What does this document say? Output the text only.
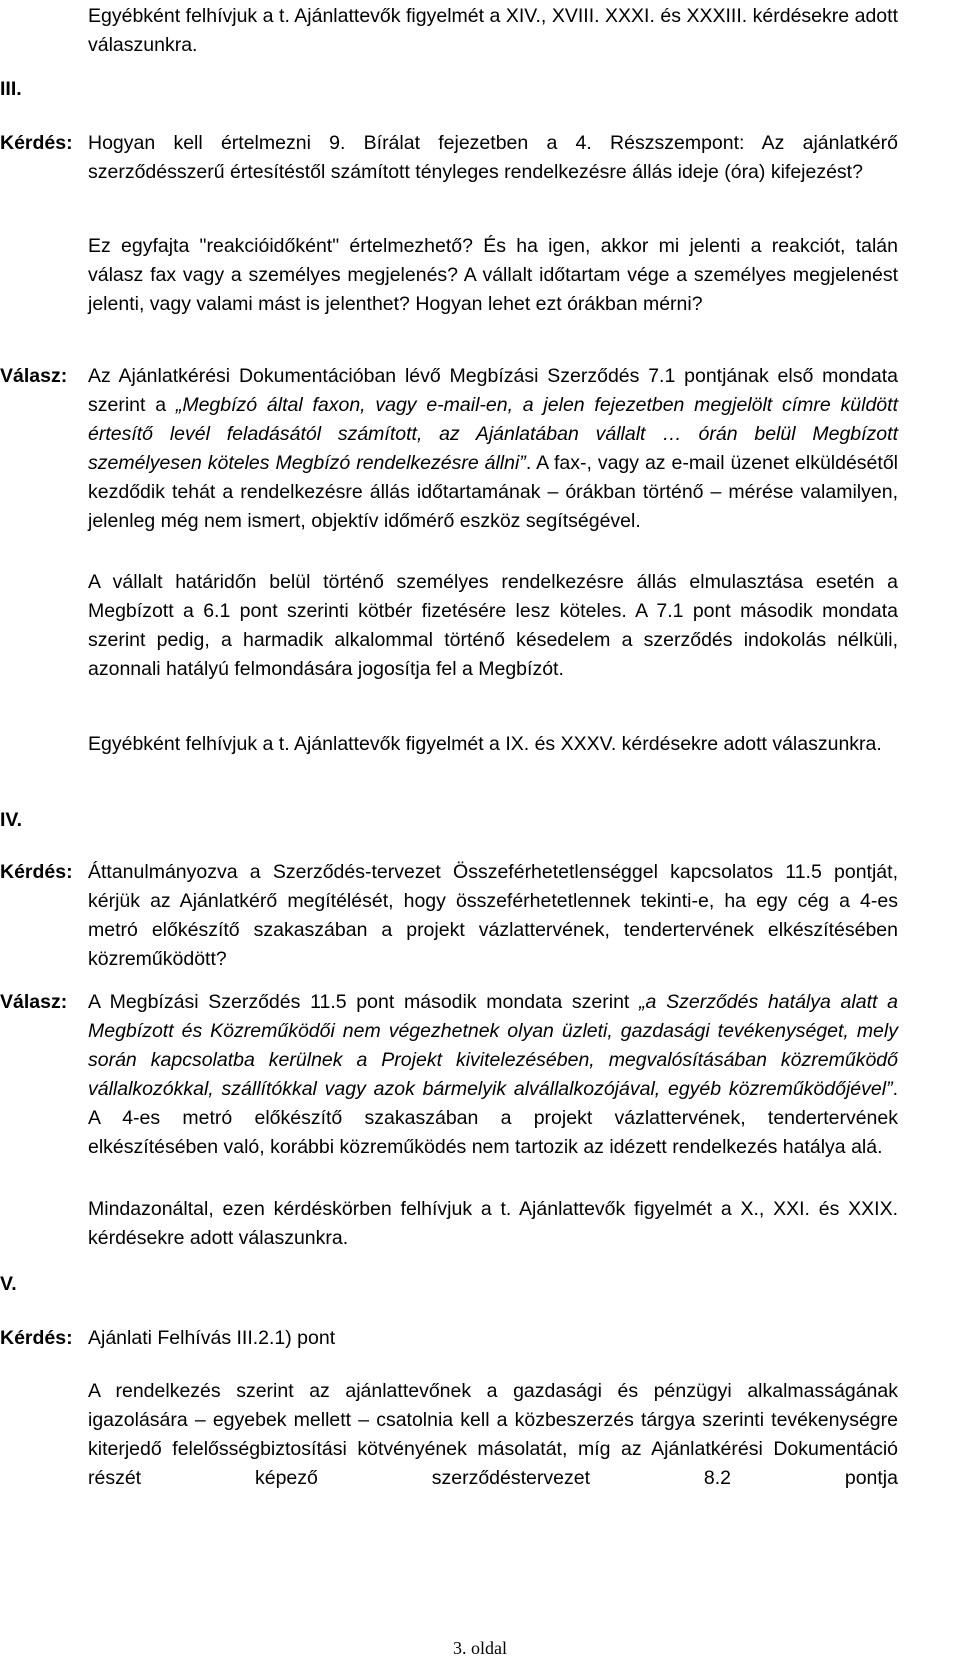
Egyébként felhívjuk a t. Ajánlattevők figyelmét a XIV., XVIII. XXXI. és XXXIII. kérdésekre adott válaszunkra.

III.

Kérdés: Hogyan kell értelmezni 9. Bírálat fejezetben a 4. Részszempont: Az ajánlatkérő szerződésszerű értesítéstől számított tényleges rendelkezésre állás ideje (óra) kifejezést?

Ez egyfajta "reakcióidőként" értelmezhető? És ha igen, akkor mi jelenti a reakciót, talán válasz fax vagy a személyes megjelenés? A vállalt időtartam vége a személyes megjelenést jelenti, vagy valami mást is jelenthet? Hogyan lehet ezt órákban mérni?

Válasz: Az Ajánlatkérési Dokumentációban lévő Megbízási Szerződés 7.1 pontjának első mondata szerint a „Megbízó által faxon, vagy e-mail-en, a jelen fejezetben megjelölt címre küldött értesítő levél feladásától számított, az Ajánlatában vállalt … órán belül Megbízott személyesen köteles Megbízó rendelkezésre állni”. A fax-, vagy az e-mail üzenet elküldésétől kezdődik tehát a rendelkezésre állás időtartamának – órákban történő – mérése valamilyen, jelenleg még nem ismert, objektív időmérő eszköz segítségével.

A vállalt határidőn belül történő személyes rendelkezésre állás elmulasztása esetén a Megbízott a 6.1 pont szerinti kötbér fizetésére lesz köteles. A 7.1 pont második mondata szerint pedig, a harmadik alkalommal történő késedelem a szerződés indokolás nélküli, azonnali hatályú felmondására jogosítja fel a Megbízót.

Egyébként felhívjuk a t. Ajánlattevők figyelmét a IX. és XXXV. kérdésekre adott válaszunkra.

IV.

Kérdés: Áttanulmányozva a Szerződés-tervezet Összeférhetetlenséggel kapcsolatos 11.5 pontját, kérjük az Ajánlatkérő megítélését, hogy összeférhetetlennek tekinti-e, ha egy cég a 4-es metró előkészítő szakaszában a projekt vázlattervének, tendertervének elkészítésében közreműködött?

Válasz: A Megbízási Szerződés 11.5 pont második mondata szerint „a Szerződés hatálya alatt a Megbízott és Közreműködői nem végezhetnek olyan üzleti, gazdasági tevékenységet, mely során kapcsolatba kerülnek a Projekt kivitelezésében, megvalósításában közreműködő vállalkozókkal, szállítókkal vagy azok bármelyik alvállalkozójával, egyéb közreműködőjével”. A 4-es metró előkészítő szakaszában a projekt vázlattervének, tendertervének elkészítésében való, korábbi közreműködés nem tartozik az idézett rendelkezés hatálya alá.

Mindazonáltal, ezen kérdéskörben felhívjuk a t. Ajánlattevők figyelmét a X., XXI. és XXIX. kérdésekre adott válaszunkra.

V.

Kérdés: Ajánlati Felhívás III.2.1) pont

A rendelkezés szerint az ajánlattevőnek a gazdasági és pénzügyi alkalmasságának igazolására – egyebek mellett – csatolnia kell a közbeszerzés tárgya szerinti tevékenységre kiterjedő felelősségbiztosítási kötvényének másolatát, míg az Ajánlatkérési Dokumentáció részét képező szerződéstervezet 8.2 pontja

3. oldal
